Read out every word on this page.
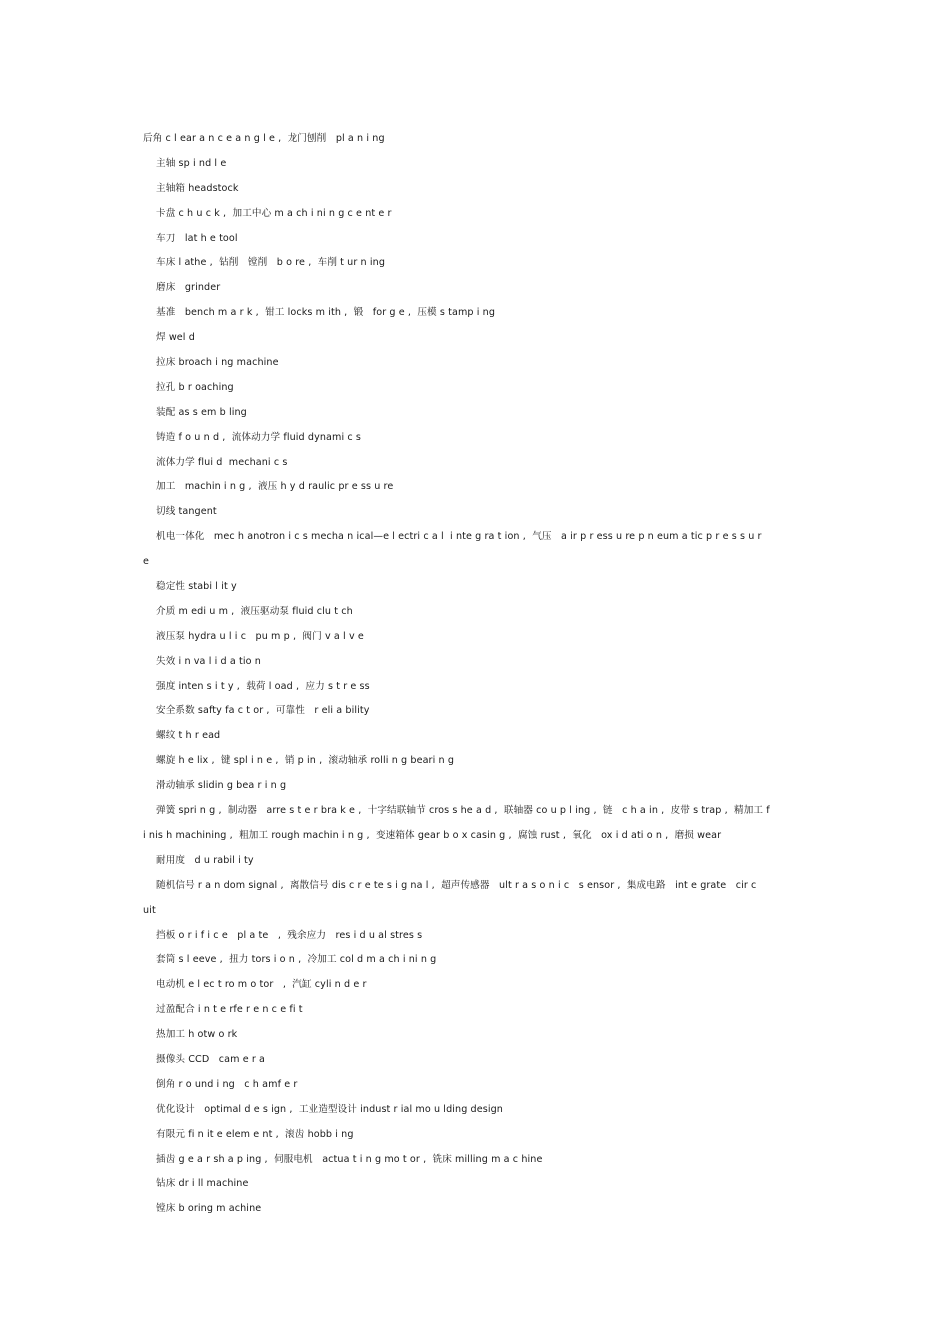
后角 c l ear a n c e a n g l e ,  龙门刨削   pl a n i ng
主轴 sp i nd l e
主轴箱 headstock
卡盘 c h u c k ,  加工中心 m a ch i ni n g c e nt e r
车刀   lat h e tool
车床 l athe ,  钻削   镗削   b o re ,  车削 t ur n ing
磨床   grinder
基准   bench m a r k ,  钳工 locks m ith ,  锻   for g e ,  压模 s tamp i ng
焊 wel d
拉床 broach i ng machine
拉孔 b r oaching
装配 as s em b ling
铸造 f o u n d ,  流体动力学 fluid dynami c s
流体力学 flui d  mechani c s
加工   machin i n g ,  液压 h y d raulic pr e ss u re
切线 tangent
机电一体化   mec h anotron i c s mecha n ical—e l ectri c a l  i nte g ra t ion ,  气压   a ir p r ess u re p n eum a tic p r e s s u r
e
稳定性 stabi l it y
介质 m edi u m ,  液压驱动泵 fluid clu t ch
液压泵 hydra u l i c   pu m p ,  阀门 v a l v e
失效 i n va l i d a tio n
强度 inten s i t y ,  载荷 l oad ,  应力 s t r e ss
安全系数 safty fa c t or ,  可靠性   r eli a bility
螺纹 t h r ead
螺旋 h e lix ,  键 spl i n e ,  销 p in ,  滚动轴承 rolli n g beari n g
滑动轴承 slidin g bea r i n g
弹簧 spri n g ,  制动器   arre s t e r bra k e ,  十字结联轴节 cros s he a d ,  联轴器 co u p l ing ,  链   c h a in ,  皮带 s trap ,  精加工 f
i nis h machining ,  粗加工 rough machin i n g ,  变速箱体 gear b o x casin g ,  腐蚀 rust ,  氧化   ox i d ati o n ,  磨损 wear
耐用度   d u rabil i ty
随机信号 r a n dom signal ,  离散信号 dis c r e te s i g na l ,  超声传感器   ult r a s o n i c   s ensor ,  集成电路   int e grate   cir c
uit
挡板 o r i f i c e   pl a te   ,  残余应力   res i d u al stres s
套筒 s l eeve ,  扭力 tors i o n ,  冷加工 col d m a ch i ni n g
电动机 e l ec t ro m o tor   ,  汽缸 cyli n d e r
过盈配合 i n t e rfe r e n c e fi t
热加工 h otw o rk
摄像头 CCD   cam e r a
倒角 r o und i ng   c h amf e r
优化设计   optimal d e s ign ,  工业造型设计 indust r ial mo u lding design
有限元 fi n it e elem e nt ,  滚齿 hobb i ng
插齿 g e a r sh a p ing ,  伺服电机   actua t i n g mo t or ,  铣床 milling m a c hine
钻床 dr i ll machine
镗床 b oring m achine
